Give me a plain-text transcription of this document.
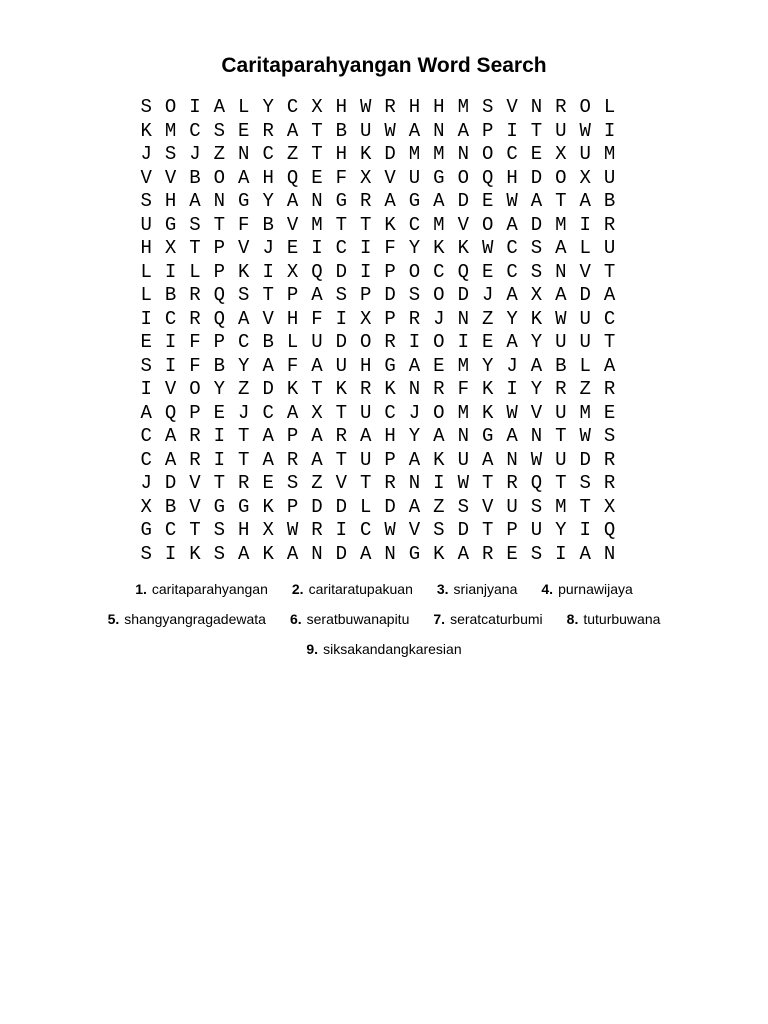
Caritaparahyangan Word Search
S O I A L Y C X H W R H H M S V N R O L
K M C S E R A T B U W A N A P I T U W I
J S J Z N C Z T H K D M M N O C E X U M
V V B O A H Q E F X V U G O Q H D O X U
S H A N G Y A N G R A G A D E W A T A B
U G S T F B V M T T K C M V O A D M I R
H X T P V J E I C I F Y K K W C S A L U
L I L P K I X Q D I P O C Q E C S N V T
L B R Q S T P A S P D S O D J A X A D A
I C R Q A V H F I X P R J N Z Y K W U C
E I F P C B L U D O R I O I E A Y U U T
S I F B Y A F A U H G A E M Y J A B L A
I V O Y Z D K T K R K N R F K I Y R Z R
A Q P E J C A X T U C J O M K W V U M E
C A R I T A P A R A H Y A N G A N T W S
C A R I T A R A T U P A K U A N W U D R
J D V T R E S Z V T R N I W T R Q T S R
X B V G G K P D D L D A Z S V U S M T X
G C T S H X W R I C W V S D T P U Y I Q
S I K S A K A N D A N G K A R E S I A N
1. caritaparahyangan 2. caritaratupakuan 3. srianjyana 4. purnawijaya
5. shangyangragadewata 6. seratbuwanapitu 7. seratcaturbumi 8. tuturbuwana
9. siksakandangkaresian
